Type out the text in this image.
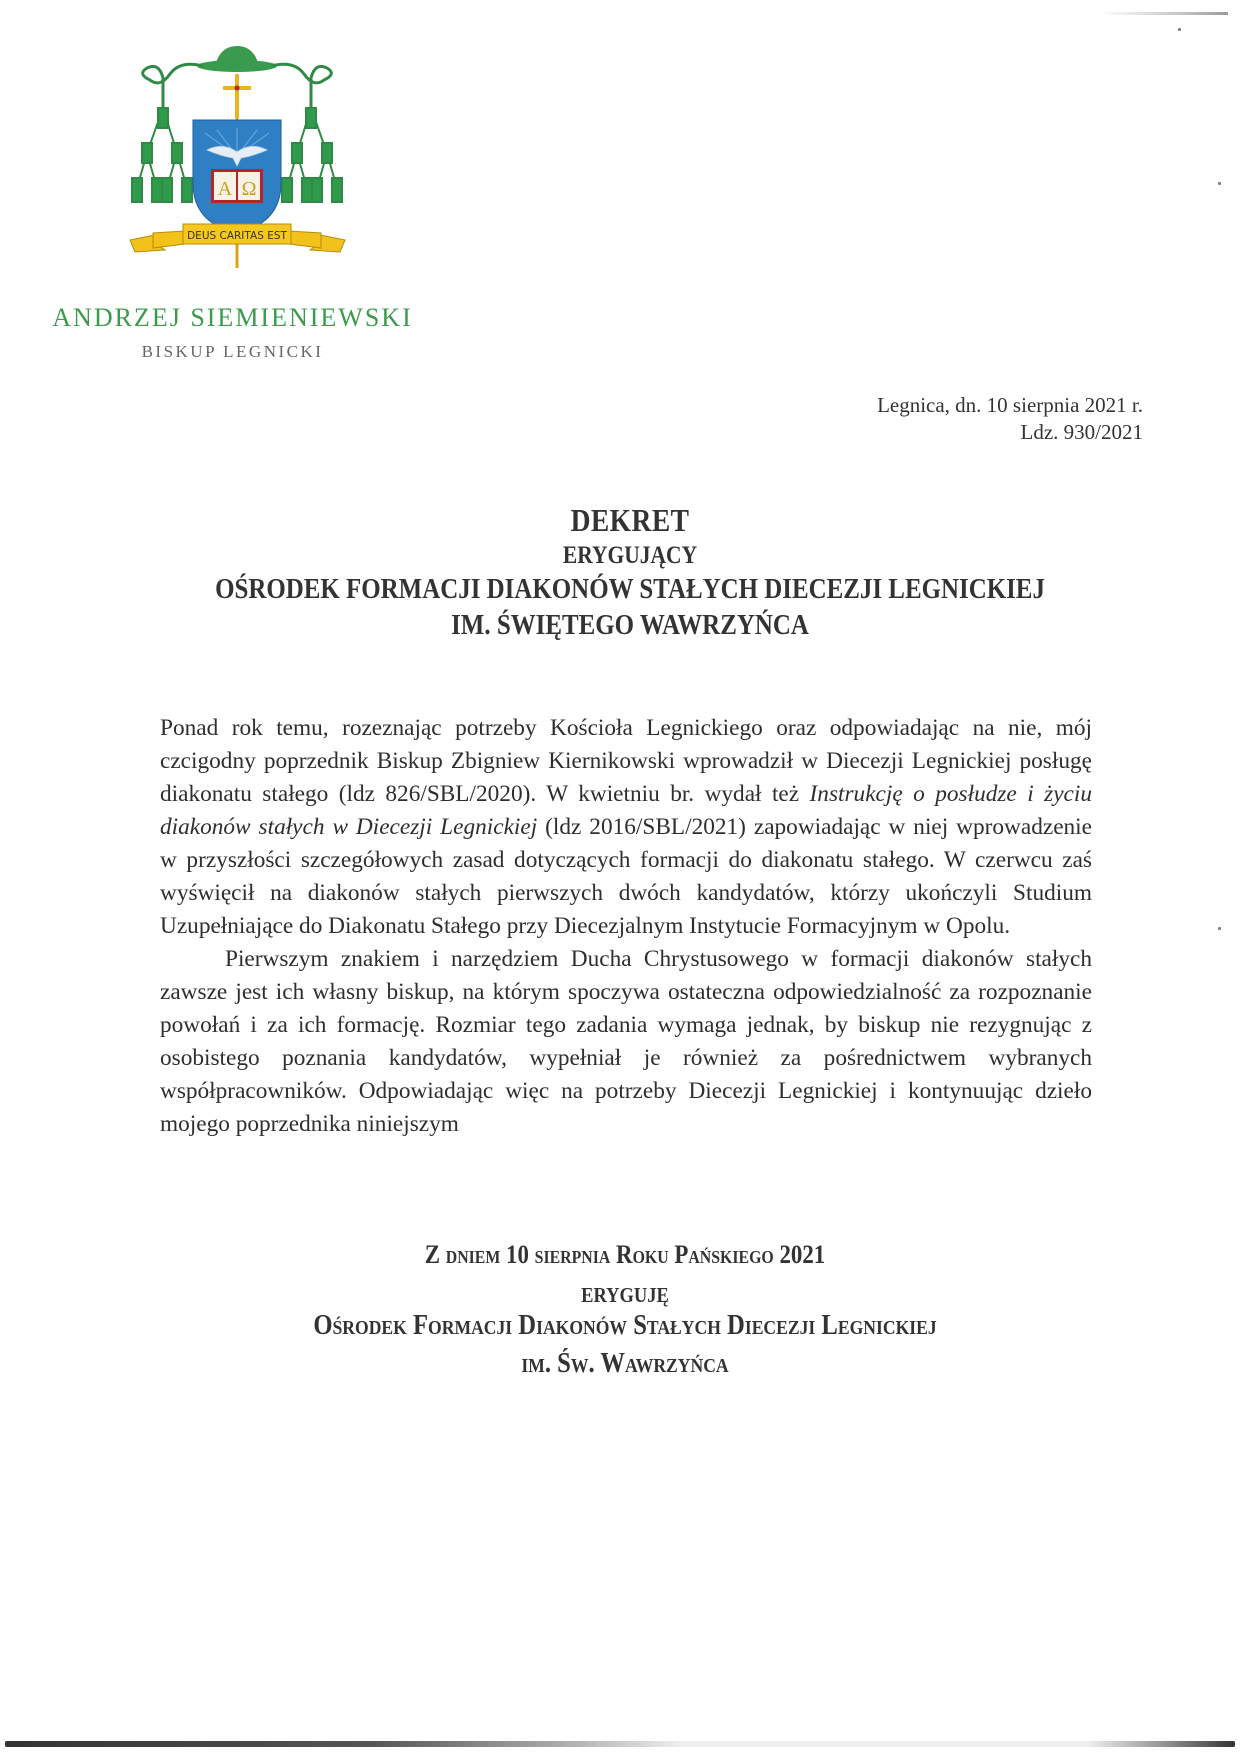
A Ω
DEUS CARITAS EST
ANDRZEJ SIEMIENIEWSKI
BISKUP LEGNICKI
Legnica, dn. 10 sierpnia 2021 r.
Ldz. 930/2021
DEKRET
ERYGUJĄCY
OŚRODEK FORMACJI DIAKONÓW STAŁYCH DIECEZJI LEGNICKIEJ
IM. ŚWIĘTEGO WAWRZYŃCA

Ponad rok temu, rozeznając potrzeby Kościoła Legnickiego oraz odpowiadając na nie, mój czcigodny poprzednik Biskup Zbigniew Kiernikowski wprowadził w Diecezji Legnickiej posługę diakonatu stałego (ldz 826/SBL/2020). W kwietniu br. wydał też Instrukcję o posłudze i życiu diakonów stałych w Diecezji Legnickiej (ldz 2016/SBL/2021) zapowiadając w niej wprowadzenie w przyszłości szczegółowych zasad dotyczących formacji do diakonatu stałego. W czerwcu zaś wyświęcił na diakonów stałych pierwszych dwóch kandydatów, którzy ukończyli Studium Uzupełniające do Diakonatu Stałego przy Diecezjalnym Instytucie Formacyjnym w Opolu.

Pierwszym znakiem i narzędziem Ducha Chrystusowego w formacji diakonów stałych zawsze jest ich własny biskup, na którym spoczywa ostateczna odpowiedzialność za rozpoznanie powołań i za ich formację. Rozmiar tego zadania wymaga jednak, by biskup nie rezygnując z osobistego poznania kandydatów, wypełniał je również za pośrednictwem wybranych współpracowników. Odpowiadając więc na potrzeby Diecezji Legnickiej i kontynuując dzieło mojego poprzednika niniejszym

Z dniem 10 sierpnia Roku Pańskiego 2021
ERYGUJĘ
Ośrodek Formacji Diakonów Stałych Diecezji Legnickiej
im. Św. Wawrzyńca
